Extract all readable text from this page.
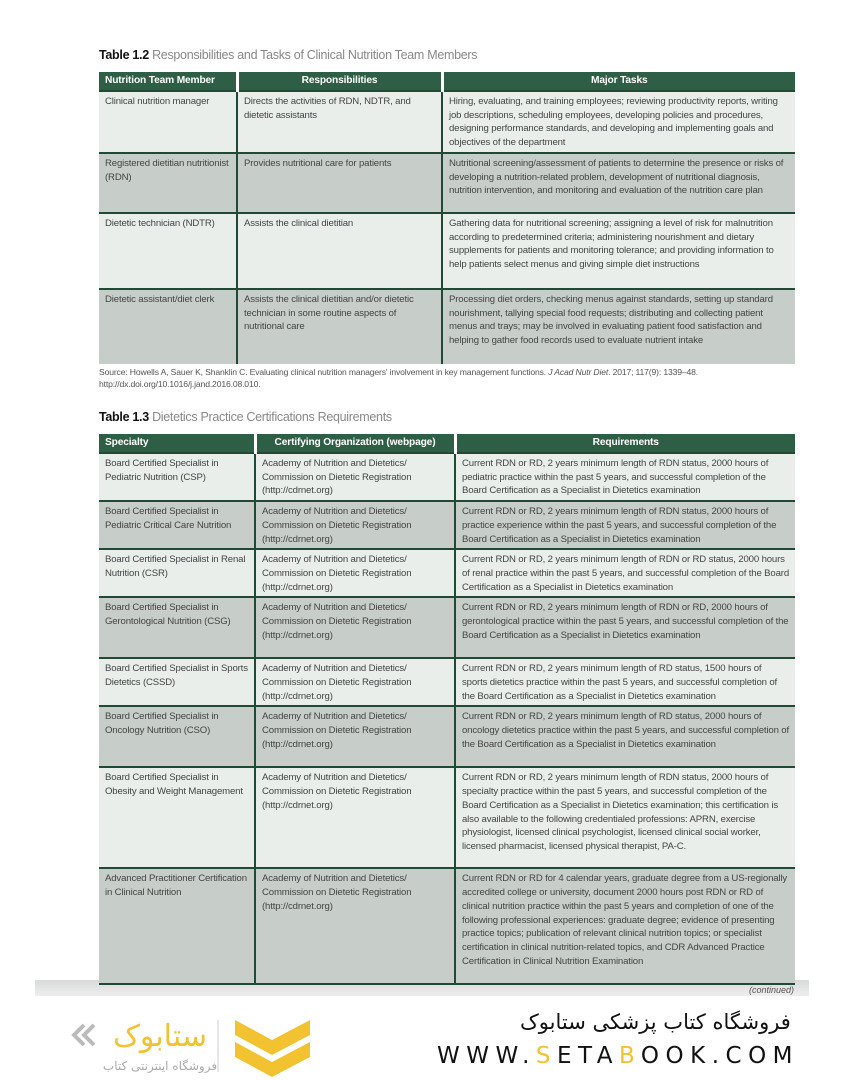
Table 1.2 Responsibilities and Tasks of Clinical Nutrition Team Members
Nutrition Team Member	Responsibilities	Major Tasks
Clinical nutrition manager	Directs the activities of RDN, NDTR, and dietetic assistants	Hiring, evaluating, and training employees; reviewing productivity reports, writing job descriptions, scheduling employees, developing policies and procedures, designing performance standards, and developing and implementing goals and objectives of the department
Registered dietitian nutritionist (RDN)	Provides nutritional care for patients	Nutritional screening/assessment of patients to determine the presence or risks of developing a nutrition-related problem, development of nutritional diagnosis, nutrition intervention, and monitoring and evaluation of the nutrition care plan
Dietetic technician (NDTR)	Assists the clinical dietitian	Gathering data for nutritional screening; assigning a level of risk for malnutrition according to predetermined criteria; administering nourishment and dietary supplements for patients and monitoring tolerance; and providing information to help patients select menus and giving simple diet instructions
Dietetic assistant/diet clerk	Assists the clinical dietitian and/or dietetic technician in some routine aspects of nutritional care	Processing diet orders, checking menus against standards, setting up standard nourishment, tallying special food requests; distributing and collecting patient menus and trays; may be involved in evaluating patient food satisfaction and helping to gather food records used to evaluate nutrient intake
Source: Howells A, Sauer K, Shanklin C. Evaluating clinical nutrition managers' involvement in key management functions. J Acad Nutr Diet. 2017; 117(9): 1339–48. http://dx.doi.org/10.1016/j.jand.2016.08.010.
Table 1.3 Dietetics Practice Certifications Requirements
Specialty	Certifying Organization (webpage)	Requirements
Board Certified Specialist in Pediatric Nutrition (CSP)	Academy of Nutrition and Dietetics/ Commission on Dietetic Registration (http://cdrnet.org)	Current RDN or RD, 2 years minimum length of RDN status, 2000 hours of pediatric practice within the past 5 years, and successful completion of the Board Certification as a Specialist in Dietetics examination
Board Certified Specialist in Pediatric Critical Care Nutrition	Academy of Nutrition and Dietetics/ Commission on Dietetic Registration (http://cdrnet.org)	Current RDN or RD, 2 years minimum length of RDN status, 2000 hours of practice experience within the past 5 years, and successful completion of the Board Certification as a Specialist in Dietetics examination
Board Certified Specialist in Renal Nutrition (CSR)	Academy of Nutrition and Dietetics/ Commission on Dietetic Registration (http://cdrnet.org)	Current RDN or RD, 2 years minimum length of RDN or RD status, 2000 hours of renal practice within the past 5 years, and successful completion of the Board Certification as a Specialist in Dietetics examination
Board Certified Specialist in Gerontological Nutrition (CSG)	Academy of Nutrition and Dietetics/ Commission on Dietetic Registration (http://cdrnet.org)	Current RDN or RD, 2 years minimum length of RDN or RD, 2000 hours of gerontological practice within the past 5 years, and successful completion of the Board Certification as a Specialist in Dietetics examination
Board Certified Specialist in Sports Dietetics (CSSD)	Academy of Nutrition and Dietetics/ Commission on Dietetic Registration (http://cdrnet.org)	Current RDN or RD, 2 years minimum length of RD status, 1500 hours of sports dietetics practice within the past 5 years, and successful completion of the Board Certification as a Specialist in Dietetics examination
Board Certified Specialist in Oncology Nutrition (CSO)	Academy of Nutrition and Dietetics/ Commission on Dietetic Registration (http://cdrnet.org)	Current RDN or RD, 2 years minimum length of RD status, 2000 hours of oncology dietetics practice within the past 5 years, and successful completion of the Board Certification as a Specialist in Dietetics examination
Board Certified Specialist in Obesity and Weight Management	Academy of Nutrition and Dietetics/ Commission on Dietetic Registration (http://cdrnet.org)	Current RDN or RD, 2 years minimum length of RDN status, 2000 hours of specialty practice within the past 5 years, and successful completion of the Board Certification as a Specialist in Dietetics examination; this certification is also available to the following credentialed professions: APRN, exercise physiologist, licensed clinical psychologist, licensed clinical social worker, licensed pharmacist, licensed physical therapist, PA-C.
Advanced Practitioner Certification in Clinical Nutrition	Academy of Nutrition and Dietetics/ Commission on Dietetic Registration (http://cdrnet.org)	Current RDN or RD for 4 calendar years, graduate degree from a US-regionally accredited college or university, document 2000 hours post RDN or RD of clinical nutrition practice within the past 5 years and completion of one of the following professional experiences: graduate degree; evidence of presenting practice topics; publication of relevant clinical nutrition topics; or specialist certification in clinical nutrition-related topics, and CDR Advanced Practice Certification in Clinical Nutrition Examination
(continued)
ستابوک
فروشگاه اینترنتی کتاب
فروشگاه کتاب پزشکی ستابوک
WWW.SETABOOK.COM
